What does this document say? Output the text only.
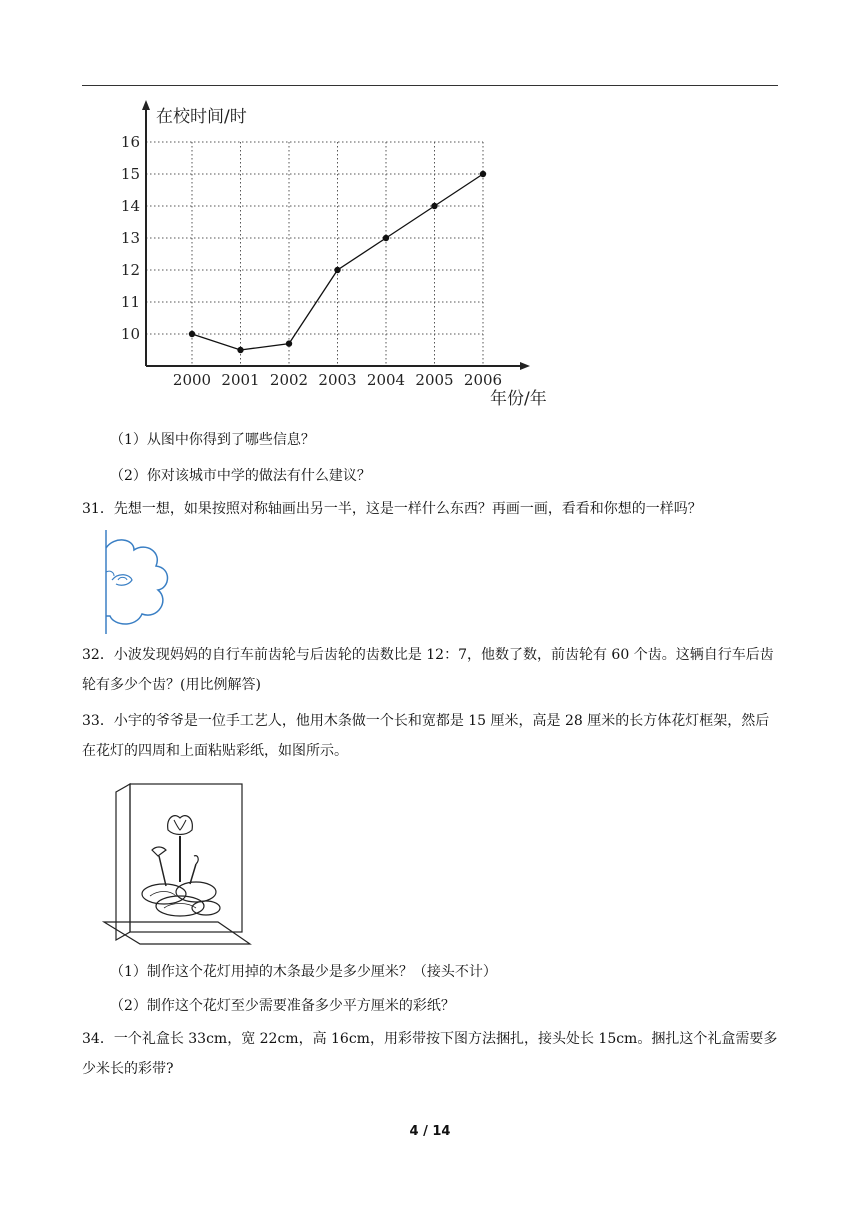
在校时间/时
年份/年
10
11
12
13
14
15
16
2000 2001 2002 2003 2004 2005 2006
（1）从图中你得到了哪些信息？
（2）你对该城市中学的做法有什么建议？
31．先想一想，如果按照对称轴画出另一半，这是一样什么东西？再画一画，看看和你想的一样吗？
32．小波发现妈妈的自行车前齿轮与后齿轮的齿数比是 12：7，他数了数，前齿轮有 60 个齿。这辆自行车后齿轮有多少个齿？(用比例解答)
33．小宇的爷爷是一位手工艺人，他用木条做一个长和宽都是 15 厘米，高是 28 厘米的长方体花灯框架，然后在花灯的四周和上面粘贴彩纸，如图所示。
（1）制作这个花灯用掉的木条最少是多少厘米？（接头不计）
（2）制作这个花灯至少需要准备多少平方厘米的彩纸？
34．一个礼盒长 33cm，宽 22cm，高 16cm，用彩带按下图方法捆扎，接头处长 15cm。捆扎这个礼盒需要多少米长的彩带?
4 / 14
